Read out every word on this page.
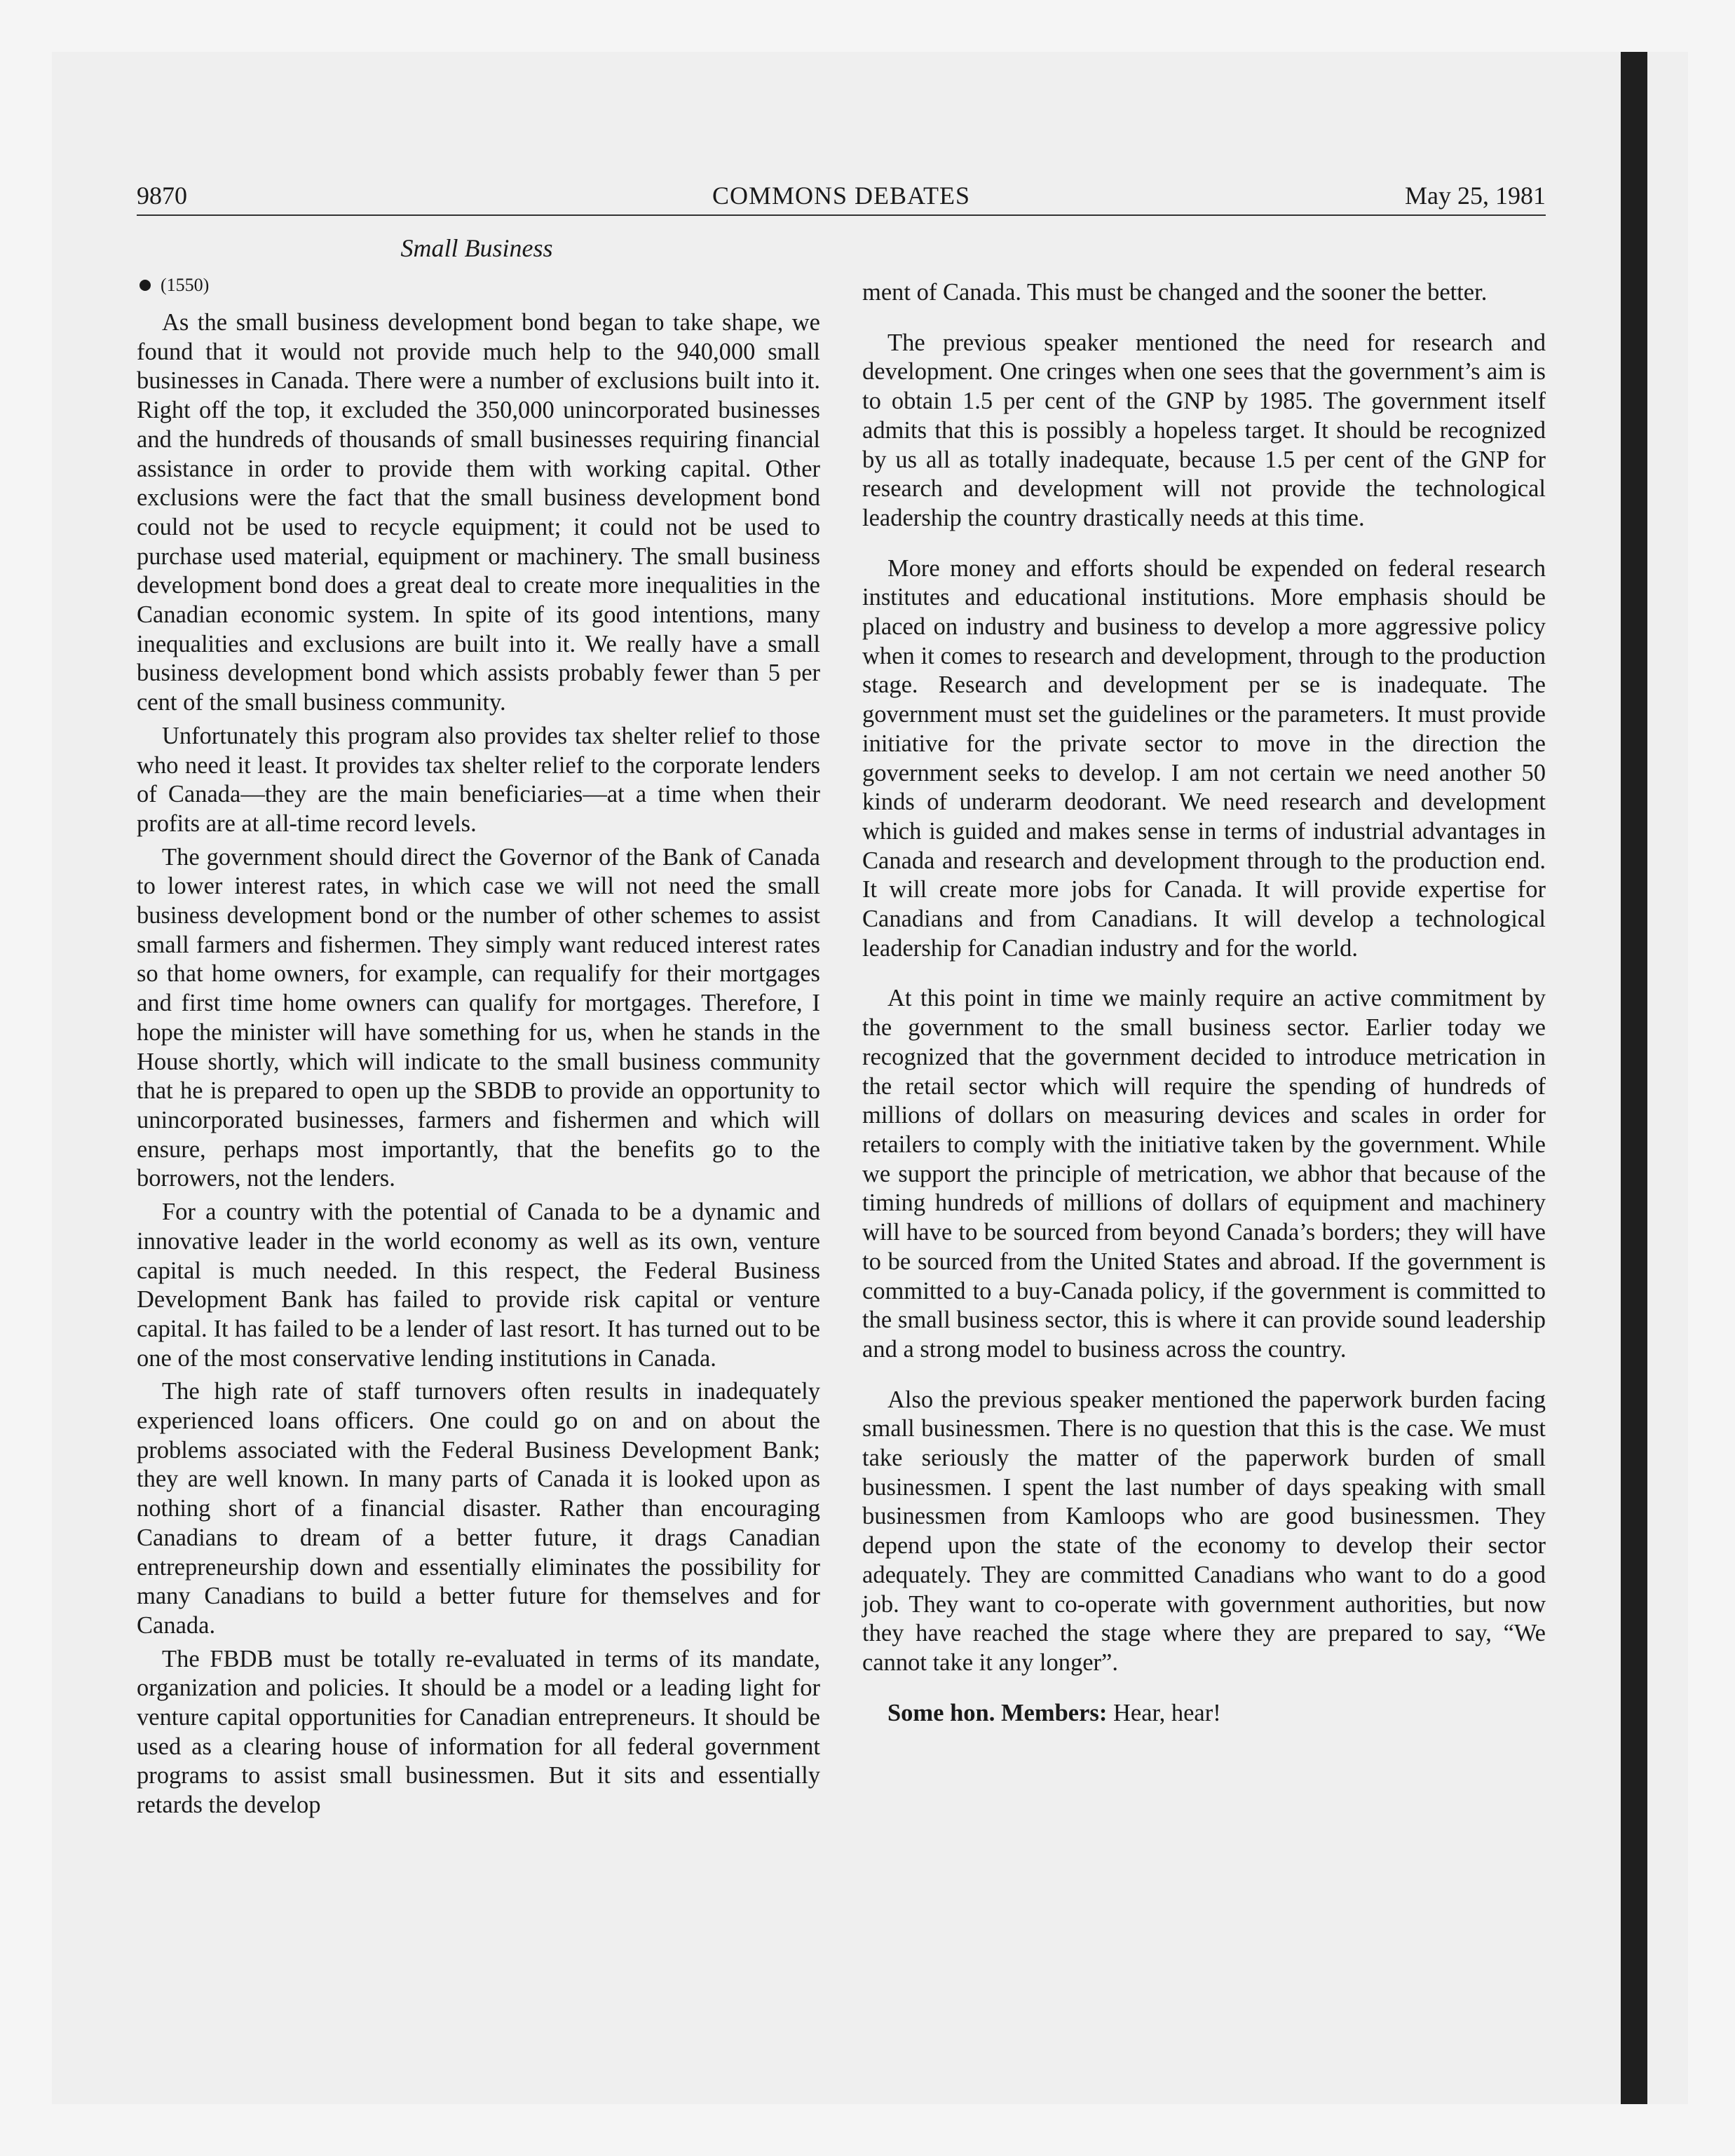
9870	COMMONS DEBATES	May 25, 1981
Small Business
(1550)

As the small business development bond began to take shape, we found that it would not provide much help to the 940,000 small businesses in Canada. There were a number of exclusions built into it. Right off the top, it excluded the 350,000 unincorporated businesses and the hundreds of thousands of small businesses requiring financial assistance in order to provide them with working capital. Other exclusions were the fact that the small business development bond could not be used to recycle equipment; it could not be used to purchase used material, equipment or machinery. The small business development bond does a great deal to create more inequalities in the Canadian economic system. In spite of its good intentions, many inequalities and exclusions are built into it. We really have a small business development bond which assists probably fewer than 5 per cent of the small business community.

Unfortunately this program also provides tax shelter relief to those who need it least. It provides tax shelter relief to the corporate lenders of Canada—they are the main beneficiaries—at a time when their profits are at all-time record levels.

The government should direct the Governor of the Bank of Canada to lower interest rates, in which case we will not need the small business development bond or the number of other schemes to assist small farmers and fishermen. They simply want reduced interest rates so that home owners, for example, can requalify for their mortgages and first time home owners can qualify for mortgages. Therefore, I hope the minister will have something for us, when he stands in the House shortly, which will indicate to the small business community that he is prepared to open up the SBDB to provide an opportunity to unincorporated businesses, farmers and fishermen and which will ensure, perhaps most importantly, that the benefits go to the borrowers, not the lenders.

For a country with the potential of Canada to be a dynamic and innovative leader in the world economy as well as its own, venture capital is much needed. In this respect, the Federal Business Development Bank has failed to provide risk capital or venture capital. It has failed to be a lender of last resort. It has turned out to be one of the most conservative lending institutions in Canada.

The high rate of staff turnovers often results in inadequately experienced loans officers. One could go on and on about the problems associated with the Federal Business Development Bank; they are well known. In many parts of Canada it is looked upon as nothing short of a financial disaster. Rather than encouraging Canadians to dream of a better future, it drags Canadian entrepreneurship down and essentially eliminates the possibility for many Canadians to build a better future for themselves and for Canada.

The FBDB must be totally re-evaluated in terms of its mandate, organization and policies. It should be a model or a leading light for venture capital opportunities for Canadian entrepreneurs. It should be used as a clearing house of information for all federal government programs to assist small businessmen. But it sits and essentially retards the develop

ment of Canada. This must be changed and the sooner the better.

The previous speaker mentioned the need for research and development. One cringes when one sees that the government’s aim is to obtain 1.5 per cent of the GNP by 1985. The government itself admits that this is possibly a hopeless target. It should be recognized by us all as totally inadequate, because 1.5 per cent of the GNP for research and development will not provide the technological leadership the country drastically needs at this time.

More money and efforts should be expended on federal research institutes and educational institutions. More emphasis should be placed on industry and business to develop a more aggressive policy when it comes to research and development, through to the production stage. Research and development per se is inadequate. The government must set the guidelines or the parameters. It must provide initiative for the private sector to move in the direction the government seeks to develop. I am not certain we need another 50 kinds of underarm deodorant. We need research and development which is guided and makes sense in terms of industrial advantages in Canada and research and development through to the production end. It will create more jobs for Canada. It will provide expertise for Canadians and from Canadians. It will develop a technological leadership for Canadian industry and for the world.

At this point in time we mainly require an active commitment by the government to the small business sector. Earlier today we recognized that the government decided to introduce metrication in the retail sector which will require the spending of hundreds of millions of dollars on measuring devices and scales in order for retailers to comply with the initiative taken by the government. While we support the principle of metrication, we abhor that because of the timing hundreds of millions of dollars of equipment and machinery will have to be sourced from beyond Canada’s borders; they will have to be sourced from the United States and abroad. If the government is committed to a buy-Canada policy, if the government is committed to the small business sector, this is where it can provide sound leadership and a strong model to business across the country.

Also the previous speaker mentioned the paperwork burden facing small businessmen. There is no question that this is the case. We must take seriously the matter of the paperwork burden of small businessmen. I spent the last number of days speaking with small businessmen from Kamloops who are good businessmen. They depend upon the state of the economy to develop their sector adequately. They are committed Canadians who want to do a good job. They want to co-operate with government authorities, but now they have reached the stage where they are prepared to say, “We cannot take it any longer”.

Some hon. Members: Hear, hear!
